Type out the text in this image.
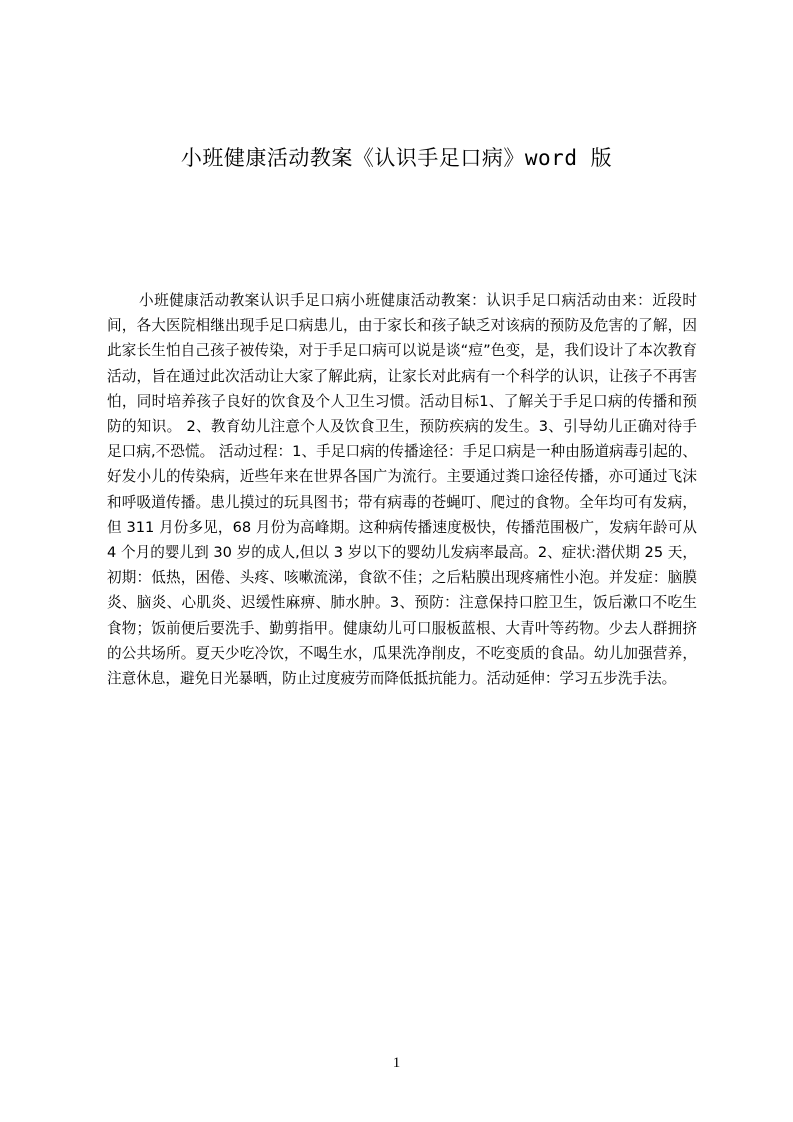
小班健康活动教案《认识手足口病》word 版

小班健康活动教案认识手足口病小班健康活动教案：认识手足口病活动由来：近段时间，各大医院相继出现手足口病患儿，由于家长和孩子缺乏对该病的预防及危害的了解，因此家长生怕自己孩子被传染，对于手足口病可以说是谈“痘”色变，是，我们设计了本次教育活动，旨在通过此次活动让大家了解此病，让家长对此病有一个科学的认识，让孩子不再害怕，同时培养孩子良好的饮食及个人卫生习惯。活动目标1、了解关于手足口病的传播和预防的知识。 2、教育幼儿注意个人及饮食卫生，预防疾病的发生。3、引导幼儿正确对待手足口病,不恐慌。 活动过程：1、手足口病的传播途径：手足口病是一种由肠道病毒引起的、好发小儿的传染病，近些年来在世界各国广为流行。主要通过粪口途径传播，亦可通过飞沫和呼吸道传播。患儿摸过的玩具图书；带有病毒的苍蝇叮、爬过的食物。全年均可有发病，但 311 月份多见，68 月份为高峰期。这种病传播速度极快，传播范围极广，发病年龄可从 4 个月的婴儿到 30 岁的成人,但以 3 岁以下的婴幼儿发病率最高。2、症状:潜伏期 25 天，初期：低热，困倦、头疼、咳嗽流涕，食欲不佳；之后粘膜出现疼痛性小泡。并发症：脑膜炎、脑炎、心肌炎、迟缓性麻痹、肺水肿。3、预防：注意保持口腔卫生，饭后漱口不吃生食物；饭前便后要洗手、勤剪指甲。健康幼儿可口服板蓝根、大青叶等药物。少去人群拥挤的公共场所。夏天少吃冷饮，不喝生水，瓜果洗净削皮，不吃变质的食品。幼儿加强营养，注意休息，避免日光暴晒，防止过度疲劳而降低抵抗能力。活动延伸：学习五步洗手法。

1
